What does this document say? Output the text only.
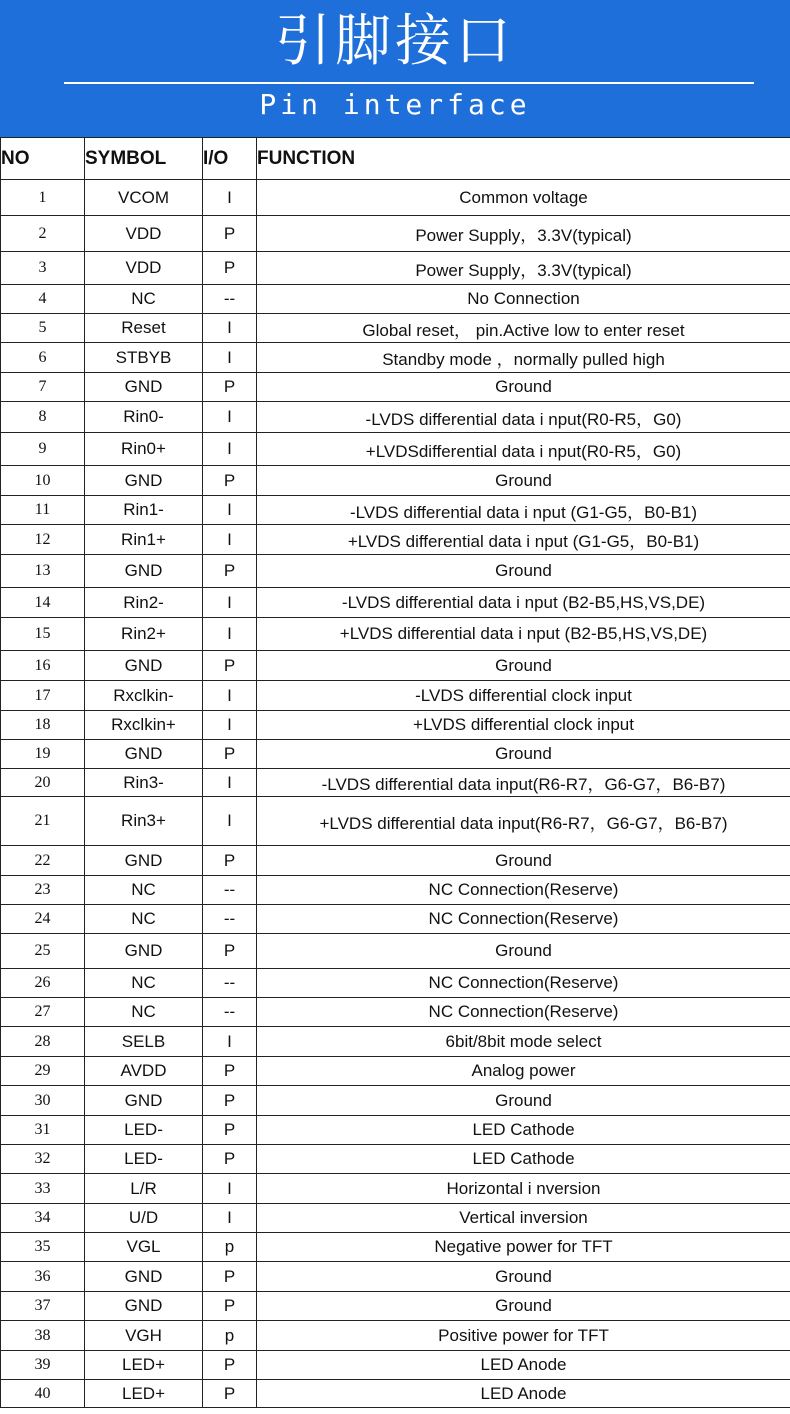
引脚接口
Pin interface
NO	SYMBOL	I/O	FUNCTION
1	VCOM	I	Common voltage
2	VDD	P	Power Supply，3.3V(typical)
3	VDD	P	Power Supply，3.3V(typical)
4	NC	--	No Connection
5	Reset	I	Global reset， pin.Active low to enter reset
6	STBYB	I	Standby mode ，normally pulled high
7	GND	P	Ground
8	Rin0-	I	-LVDS differential data i nput(R0-R5，G0)
9	Rin0+	I	+LVDSdifferential data i nput(R0-R5，G0)
10	GND	P	Ground
11	Rin1-	I	-LVDS differential data i nput (G1-G5，B0-B1)
12	Rin1+	I	+LVDS differential data i nput (G1-G5，B0-B1)
13	GND	P	Ground
14	Rin2-	I	-LVDS differential data i nput (B2-B5,HS,VS,DE)
15	Rin2+	I	+LVDS differential data i nput (B2-B5,HS,VS,DE)
16	GND	P	Ground
17	Rxclkin-	I	-LVDS differential clock input
18	Rxclkin+	I	+LVDS differential clock input
19	GND	P	Ground
20	Rin3-	I	-LVDS differential data input(R6-R7，G6-G7，B6-B7)
21	Rin3+	I	+LVDS differential data input(R6-R7，G6-G7，B6-B7)
22	GND	P	Ground
23	NC	--	NC Connection(Reserve)
24	NC	--	NC Connection(Reserve)
25	GND	P	Ground
26	NC	--	NC Connection(Reserve)
27	NC	--	NC Connection(Reserve)
28	SELB	I	6bit/8bit mode select
29	AVDD	P	Analog power
30	GND	P	Ground
31	LED-	P	LED Cathode
32	LED-	P	LED Cathode
33	L/R	I	Horizontal i nversion
34	U/D	I	Vertical inversion
35	VGL	p	Negative power for TFT
36	GND	P	Ground
37	GND	P	Ground
38	VGH	p	Positive power for TFT
39	LED+	P	LED Anode
40	LED+	P	LED Anode
